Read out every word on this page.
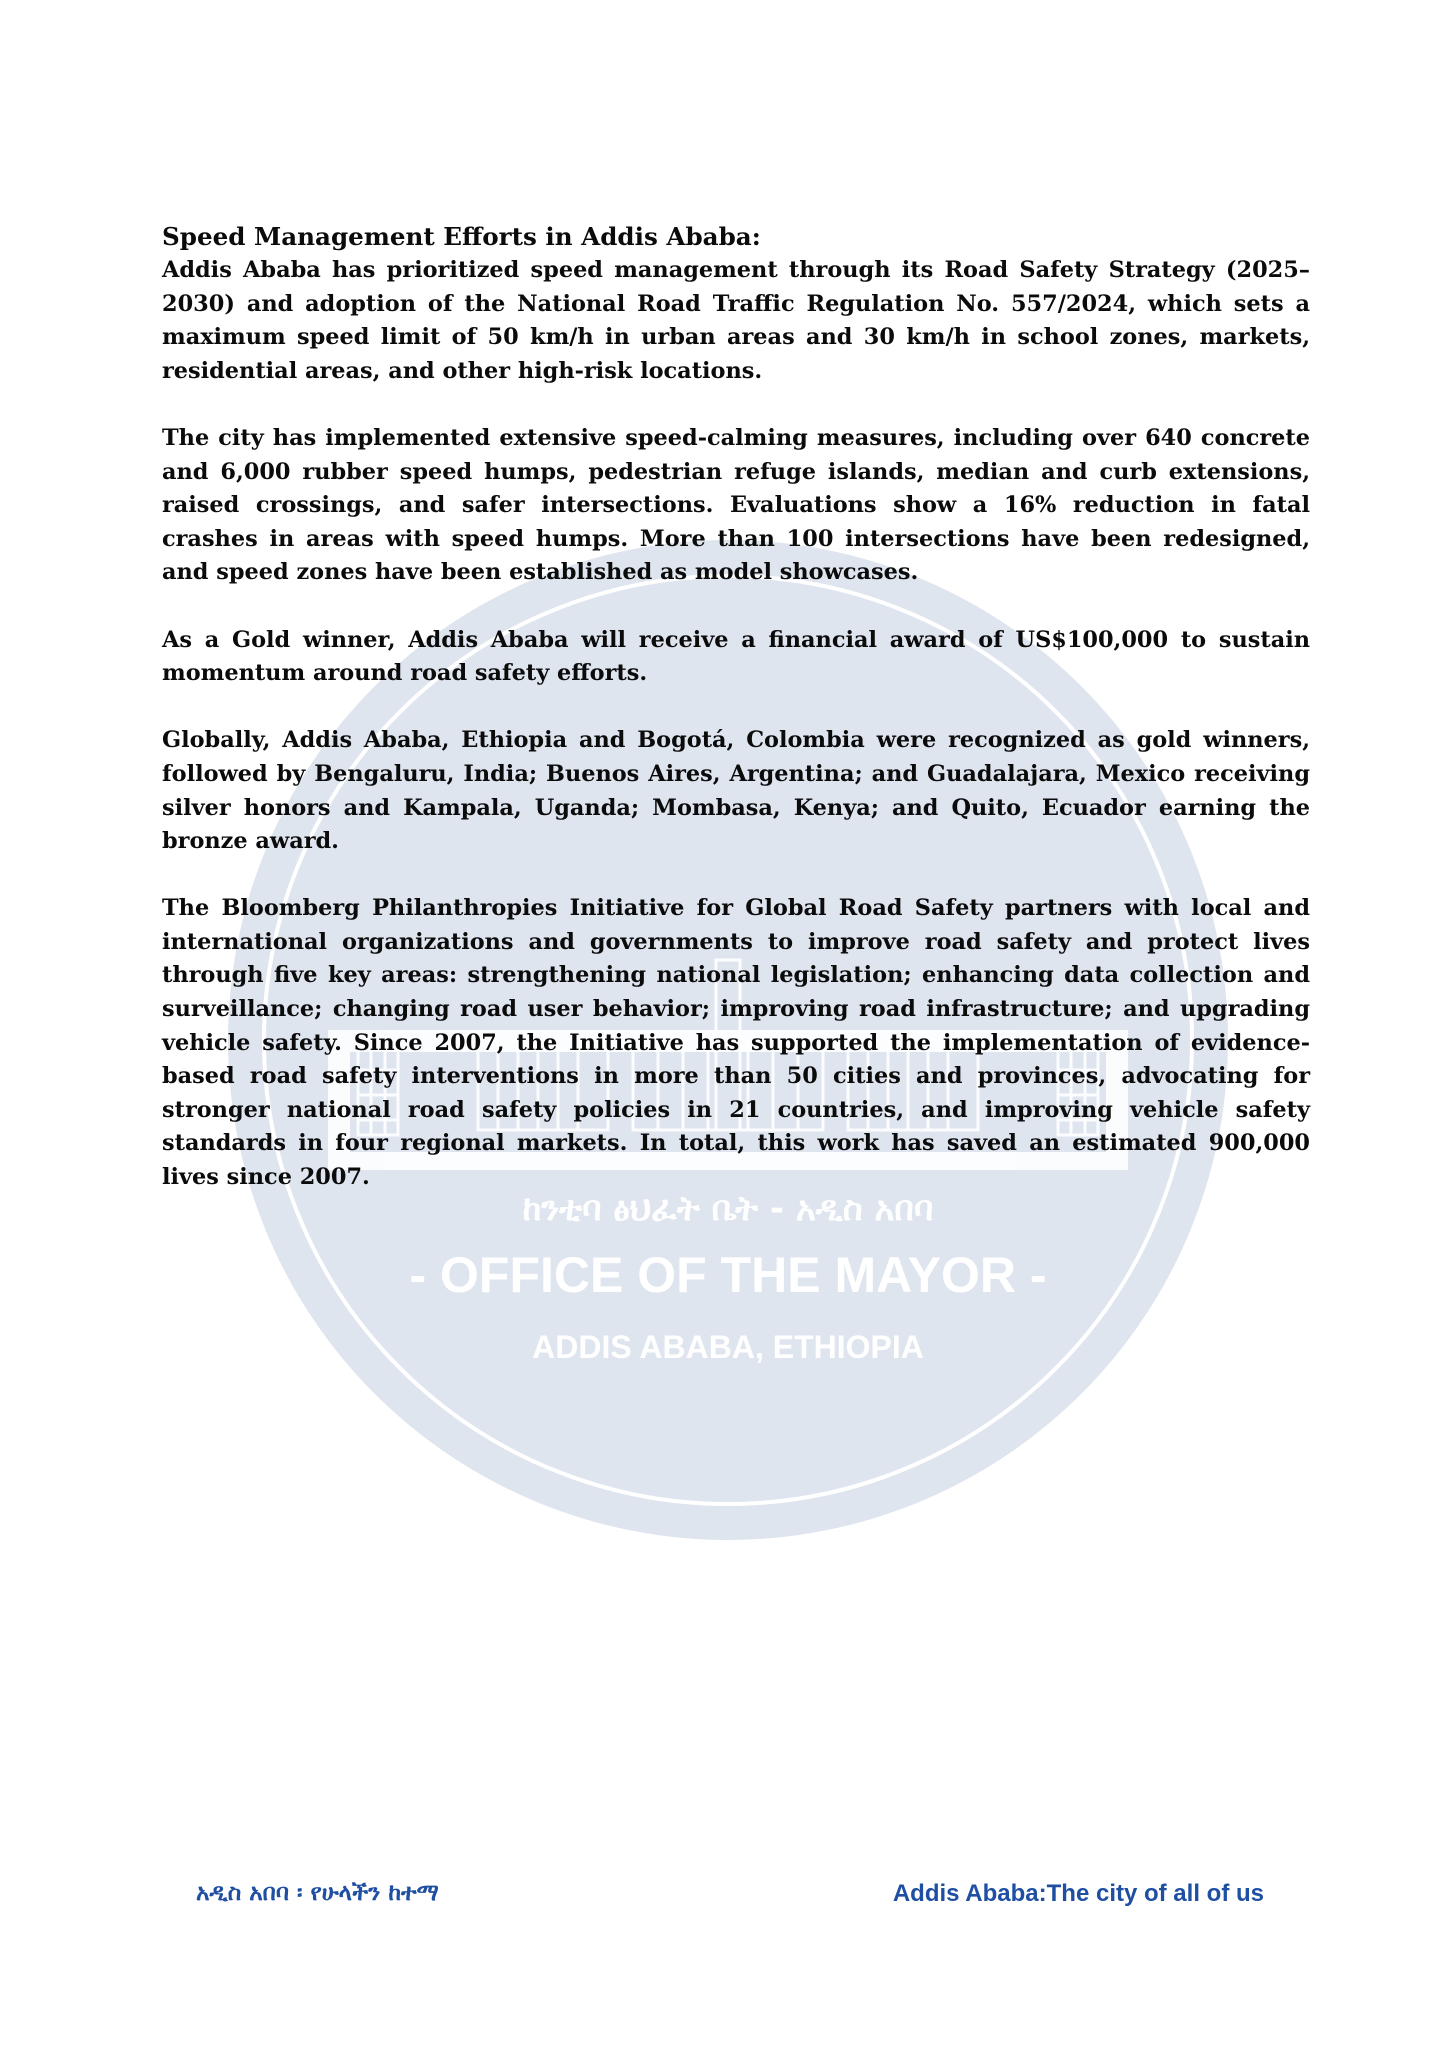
ከንቲባ ፅህፈት ቤት - አዲስ አበባ
- OFFICE OF THE MAYOR -
ADDIS ABABA, ETHIOPIA
Speed Management Efforts in Addis Ababa:

Addis Ababa has prioritized speed management through its Road Safety Strategy (2025–2030) and adoption of the National Road Traffic Regulation No. 557/2024, which sets a maximum speed limit of 50 km/h in urban areas and 30 km/h in school zones, markets, residential areas, and other high-risk locations.

The city has implemented extensive speed-calming measures, including over 640 concrete and 6,000 rubber speed humps, pedestrian refuge islands, median and curb extensions, raised crossings, and safer intersections. Evaluations show a 16% reduction in fatal crashes in areas with speed humps. More than 100 intersections have been redesigned, and speed zones have been established as model showcases.

As a Gold winner, Addis Ababa will receive a financial award of US$100,000 to sustain momentum around road safety efforts.

Globally, Addis Ababa, Ethiopia and Bogotá, Colombia were recognized as gold winners, followed by Bengaluru, India; Buenos Aires, Argentina; and Guadalajara, Mexico receiving silver honors and Kampala, Uganda; Mombasa, Kenya; and Quito, Ecuador earning the bronze award.

The Bloomberg Philanthropies Initiative for Global Road Safety partners with local and international organizations and governments to improve road safety and protect lives through five key areas: strengthening national legislation; enhancing data collection and surveillance; changing road user behavior; improving road infrastructure; and upgrading vehicle safety. Since 2007, the Initiative has supported the implementation of evidence-based road safety interventions in more than 50 cities and provinces, advocating for stronger national road safety policies in 21 countries, and improving vehicle safety standards in four regional markets. In total, this work has saved an estimated 900,000 lives since 2007.

አዲስ አበባ ፡ የሁላችን ከተማ	Addis Ababa:The city of all of us
